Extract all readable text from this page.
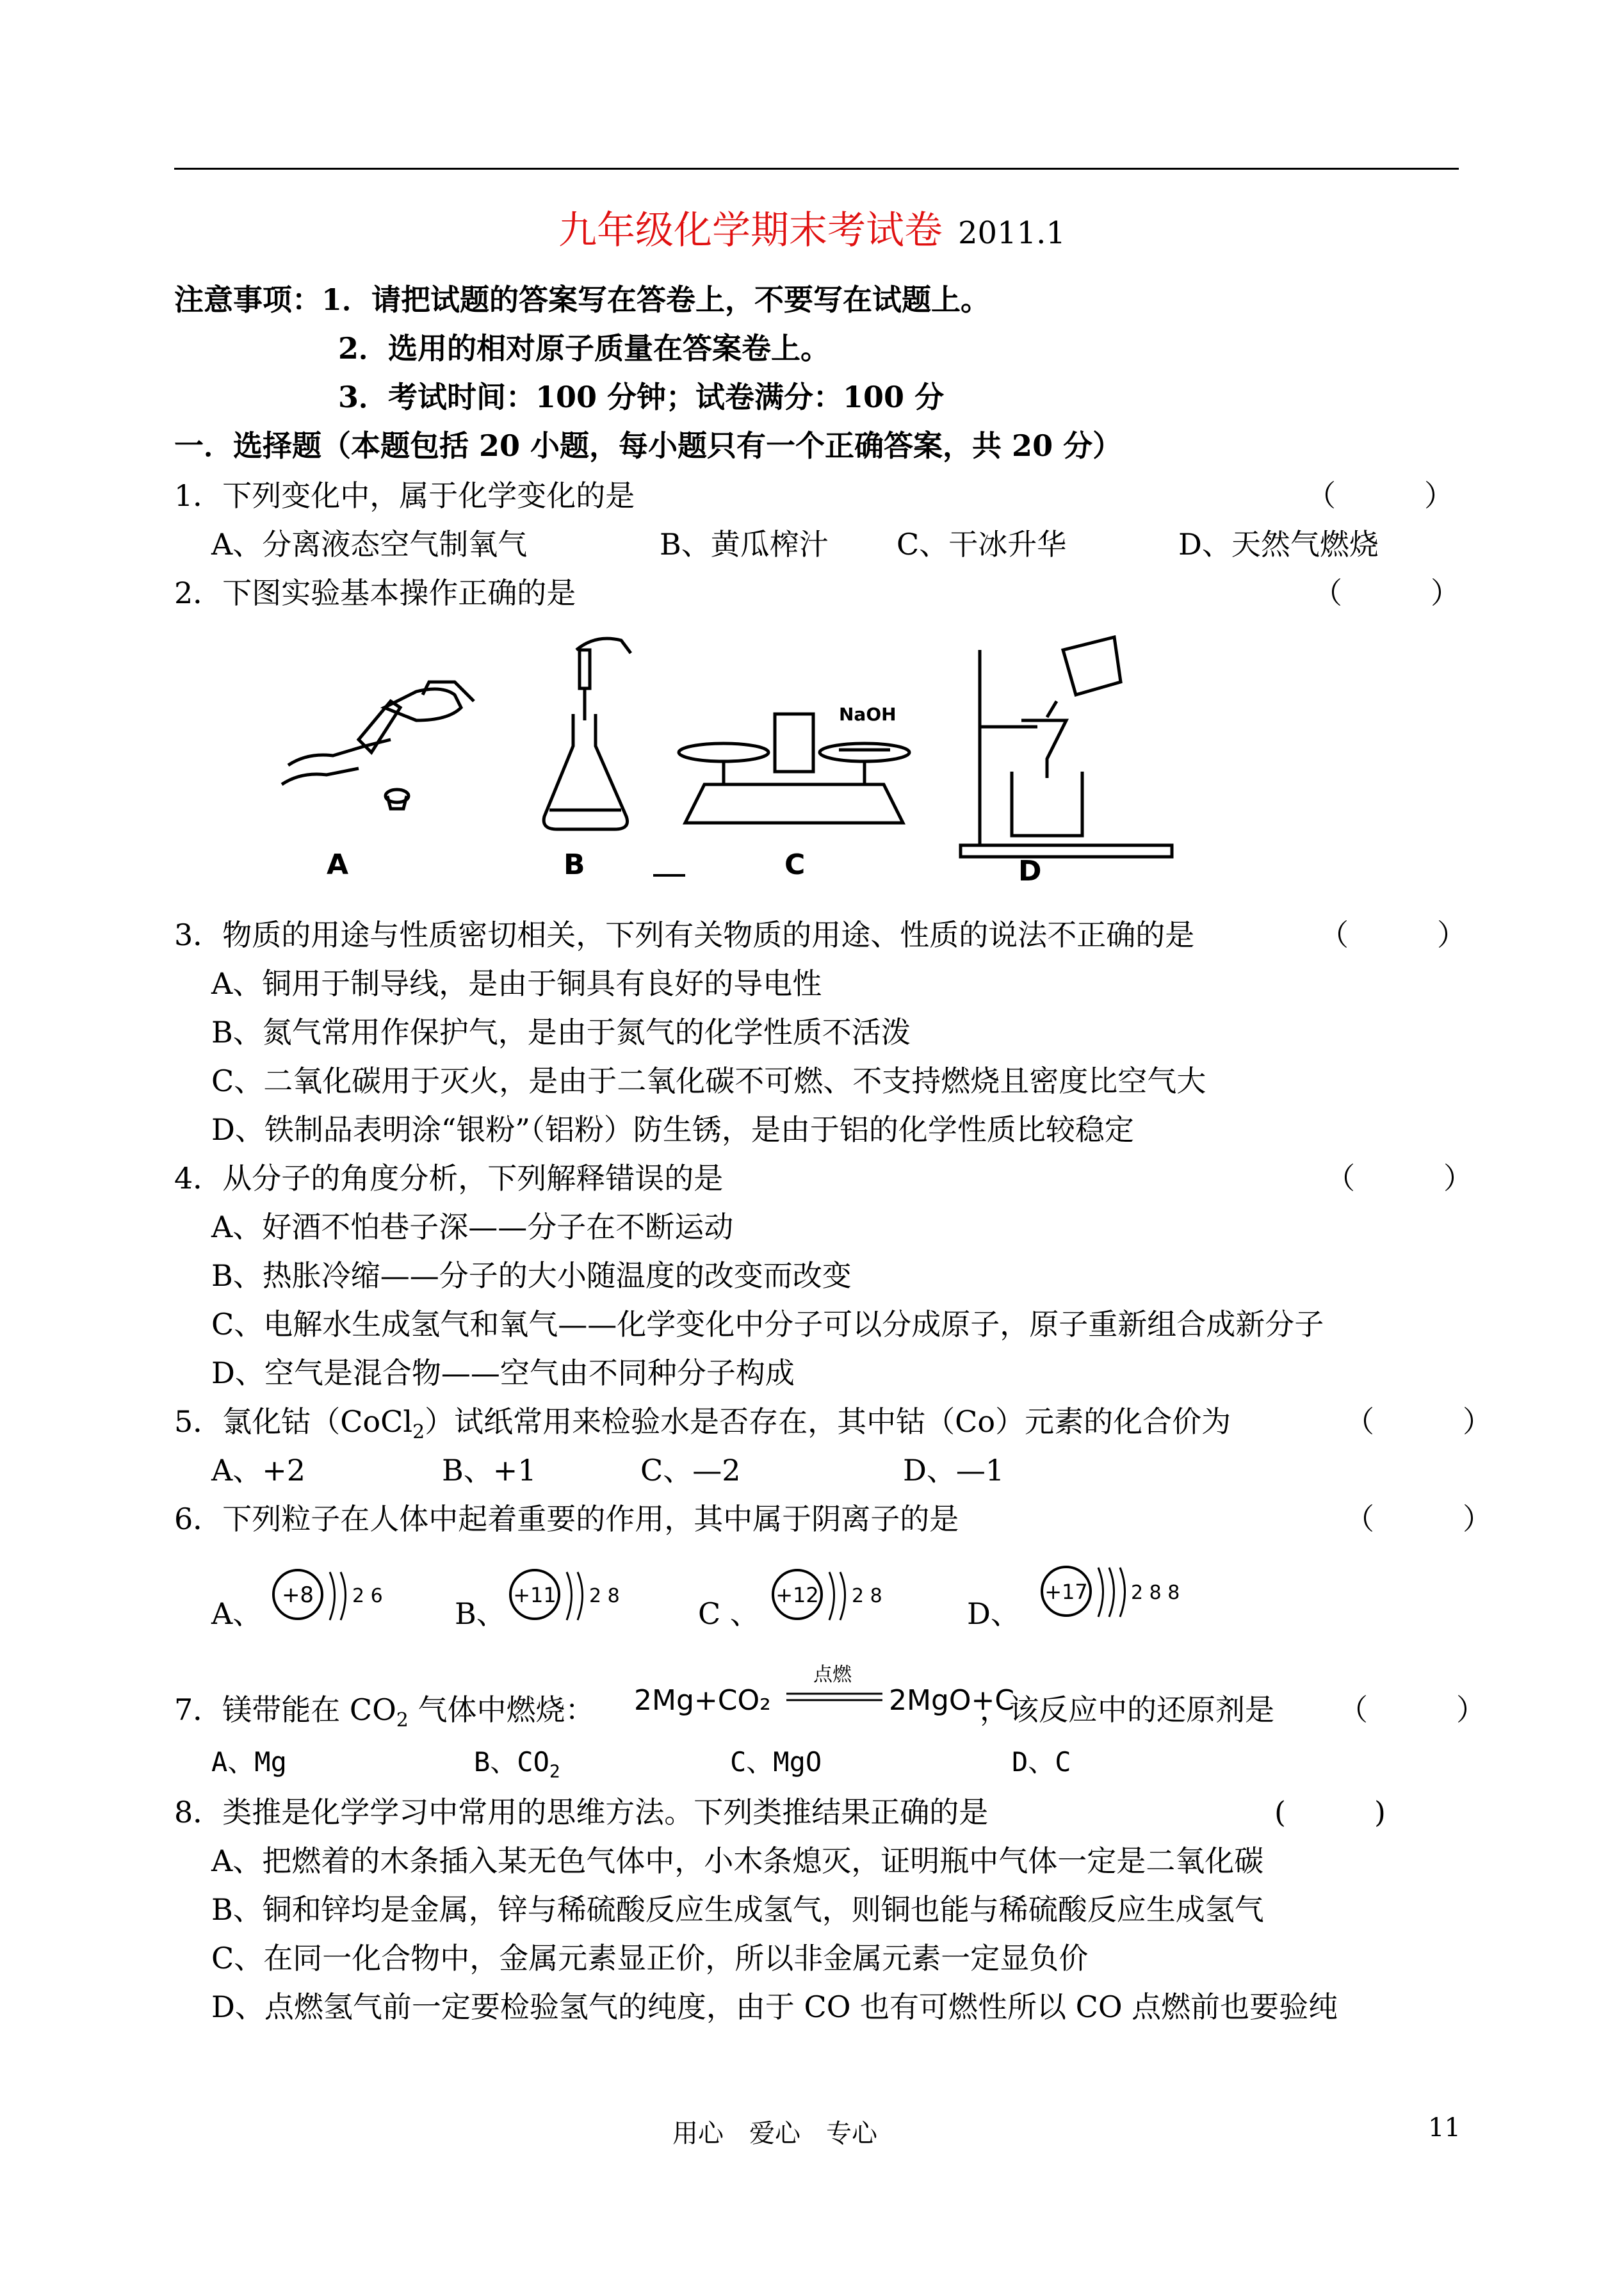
九年级化学期末考试卷 2011.1
注意事项：1．请把试题的答案写在答卷上，不要写在试题上。
2．选用的相对原子质量在答案卷上。
3．考试时间：100 分钟；试卷满分：100 分
一．选择题（本题包括 20 小题，每小题只有一个正确答案，共 20 分）
1．下列变化中，属于化学变化的是	（　　　）
A、分离液态空气制氧气	B、黄瓜榨汁 C、干冰升华	D、天然气燃烧
2．下图实验基本操作正确的是	（　　　）
A	B
NaOH
C	D
3．物质的用途与性质密切相关，下列有关物质的用途、性质的说法不正确的是	（　　　）
A、铜用于制导线，是由于铜具有良好的导电性
B、氮气常用作保护气，是由于氮气的化学性质不活泼
C、二氧化碳用于灭火，是由于二氧化碳不可燃、不支持燃烧且密度比空气大
D、铁制品表明涂“银粉”（铝粉）防生锈，是由于铝的化学性质比较稳定
4．从分子的角度分析，下列解释错误的是	（　　　）
A、好酒不怕巷子深——分子在不断运动
B、热胀冷缩——分子的大小随温度的改变而改变
C、电解水生成氢气和氧气——化学变化中分子可以分成原子，原子重新组合成新分子
D、空气是混合物——空气由不同种分子构成
5．氯化钴（CoCl$_2$）试纸常用来检验水是否存在，其中钴（Co）元素的化合价为	（　　　）
A、+2	B、+1	C、—2	D、—1
6．下列粒子在人体中起着重要的作用，其中属于阴离子的是	（　　　）
A、
+8 2 6
B、
+11 2 8
C 、
+12 2 8
D、
+17 2 8 8
7．镁带能在 $CO_2$ 气体中燃烧： 2Mg+CO₂
点燃
2MgO+C
，该反应中的还原剂是 （　　　）
A、Mg	B、$CO_2$	C、MgO	D、C
8．类推是化学学习中常用的思维方法。下列类推结果正确的是	(　　　)
A、把燃着的木条插入某无色气体中，小木条熄灭，证明瓶中气体一定是二氧化碳
B、铜和锌均是金属，锌与稀硫酸反应生成氢气，则铜也能与稀硫酸反应生成氢气
C、在同一化合物中，金属元素显正价，所以非金属元素一定显负价
D、点燃氢气前一定要检验氢气的纯度，由于 CO 也有可燃性所以 CO 点燃前也要验纯
用心　爱心　专心	11
